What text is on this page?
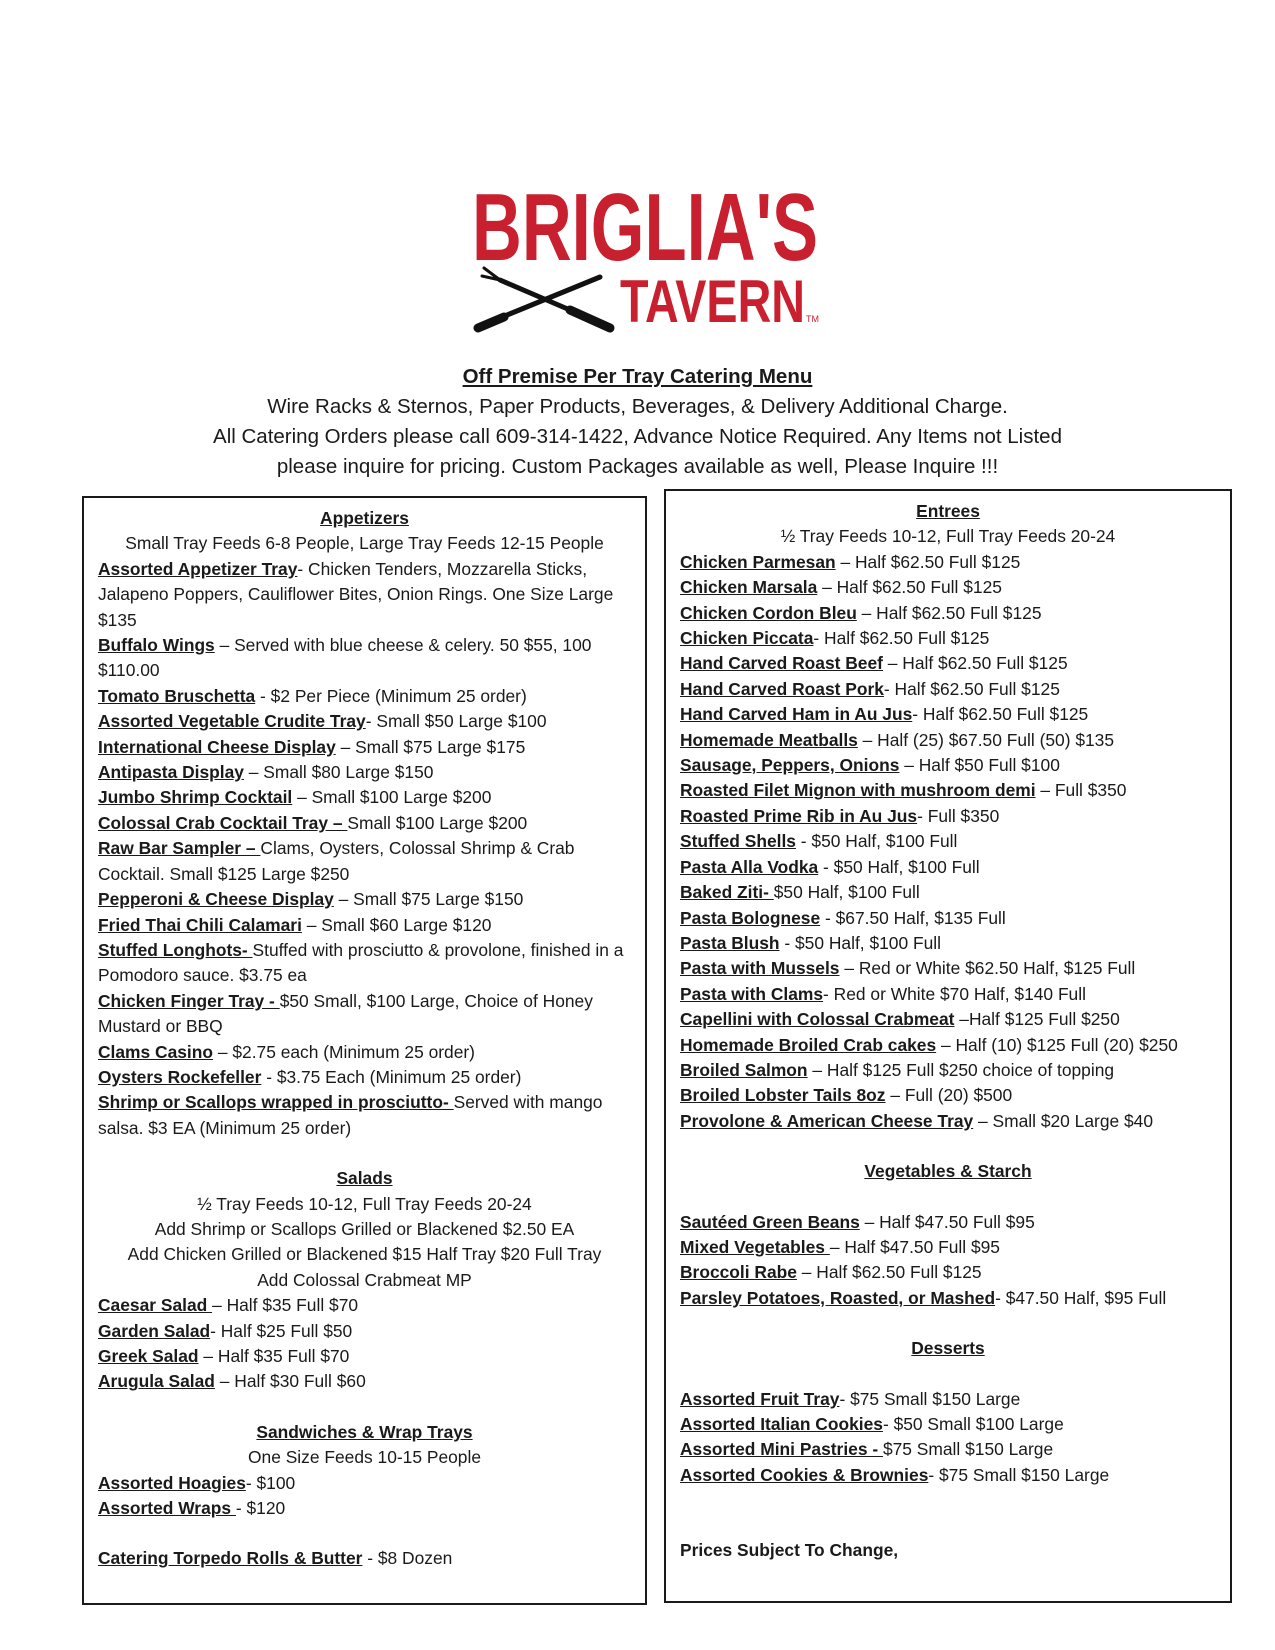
BRIGLIA'S
TAVERN TM
Off Premise Per Tray Catering Menu
Wire Racks & Sternos, Paper Products, Beverages, & Delivery Additional Charge.
All Catering Orders please call 609-314-1422, Advance Notice Required. Any Items not Listed
please inquire for pricing. Custom Packages available as well, Please Inquire !!!
Appetizers
Small Tray Feeds 6-8 People, Large Tray Feeds 12-15 People
Assorted Appetizer Tray- Chicken Tenders, Mozzarella Sticks, Jalapeno Poppers, Cauliflower Bites, Onion Rings. One Size Large $135
Buffalo Wings – Served with blue cheese & celery. 50 $55, 100 $110.00
Tomato Bruschetta - $2 Per Piece (Minimum 25 order)
Assorted Vegetable Crudite Tray- Small $50 Large $100
International Cheese Display – Small $75 Large $175
Antipasta Display – Small $80 Large $150
Jumbo Shrimp Cocktail – Small $100 Large $200
Colossal Crab Cocktail Tray – Small $100 Large $200
Raw Bar Sampler – Clams, Oysters, Colossal Shrimp & Crab Cocktail. Small $125 Large $250
Pepperoni & Cheese Display – Small $75 Large $150
Fried Thai Chili Calamari – Small $60 Large $120
Stuffed Longhots- Stuffed with prosciutto & provolone, finished in a Pomodoro sauce. $3.75 ea
Chicken Finger Tray - $50 Small, $100 Large, Choice of Honey Mustard or BBQ
Clams Casino – $2.75 each (Minimum 25 order)
Oysters Rockefeller - $3.75 Each (Minimum 25 order)
Shrimp or Scallops wrapped in prosciutto- Served with mango salsa. $3 EA (Minimum 25 order)
Salads
½ Tray Feeds 10-12, Full Tray Feeds 20-24
Add Shrimp or Scallops Grilled or Blackened $2.50 EA
Add Chicken Grilled or Blackened $15 Half Tray $20 Full Tray
Add Colossal Crabmeat MP
Caesar Salad – Half $35 Full $70
Garden Salad- Half $25 Full $50
Greek Salad – Half $35 Full $70
Arugula Salad – Half $30 Full $60
Sandwiches & Wrap Trays
One Size Feeds 10-15 People
Assorted Hoagies- $100
Assorted Wraps - $120
Catering Torpedo Rolls & Butter - $8 Dozen
Entrees
½ Tray Feeds 10-12, Full Tray Feeds 20-24
Chicken Parmesan – Half $62.50 Full $125
Chicken Marsala – Half $62.50 Full $125
Chicken Cordon Bleu – Half $62.50 Full $125
Chicken Piccata- Half $62.50 Full $125
Hand Carved Roast Beef – Half $62.50 Full $125
Hand Carved Roast Pork- Half $62.50 Full $125
Hand Carved Ham in Au Jus- Half $62.50 Full $125
Homemade Meatballs – Half (25) $67.50 Full (50) $135
Sausage, Peppers, Onions – Half $50 Full $100
Roasted Filet Mignon with mushroom demi – Full $350
Roasted Prime Rib in Au Jus- Full $350
Stuffed Shells - $50 Half, $100 Full
Pasta Alla Vodka - $50 Half, $100 Full
Baked Ziti- $50 Half, $100 Full
Pasta Bolognese - $67.50 Half, $135 Full
Pasta Blush - $50 Half, $100 Full
Pasta with Mussels – Red or White $62.50 Half, $125 Full
Pasta with Clams- Red or White $70 Half, $140 Full
Capellini with Colossal Crabmeat –Half $125 Full $250
Homemade Broiled Crab cakes – Half (10) $125 Full (20) $250
Broiled Salmon – Half $125 Full $250 choice of topping
Broiled Lobster Tails 8oz – Full (20) $500
Provolone & American Cheese Tray – Small $20 Large $40
Vegetables & Starch
Sautéed Green Beans – Half $47.50 Full $95
Mixed Vegetables – Half $47.50 Full $95
Broccoli Rabe – Half $62.50 Full $125
Parsley Potatoes, Roasted, or Mashed- $47.50 Half, $95 Full
Desserts
Assorted Fruit Tray- $75 Small $150 Large
Assorted Italian Cookies- $50 Small $100 Large
Assorted Mini Pastries - $75 Small $150 Large
Assorted Cookies & Brownies- $75 Small $150 Large
Prices Subject To Change,
